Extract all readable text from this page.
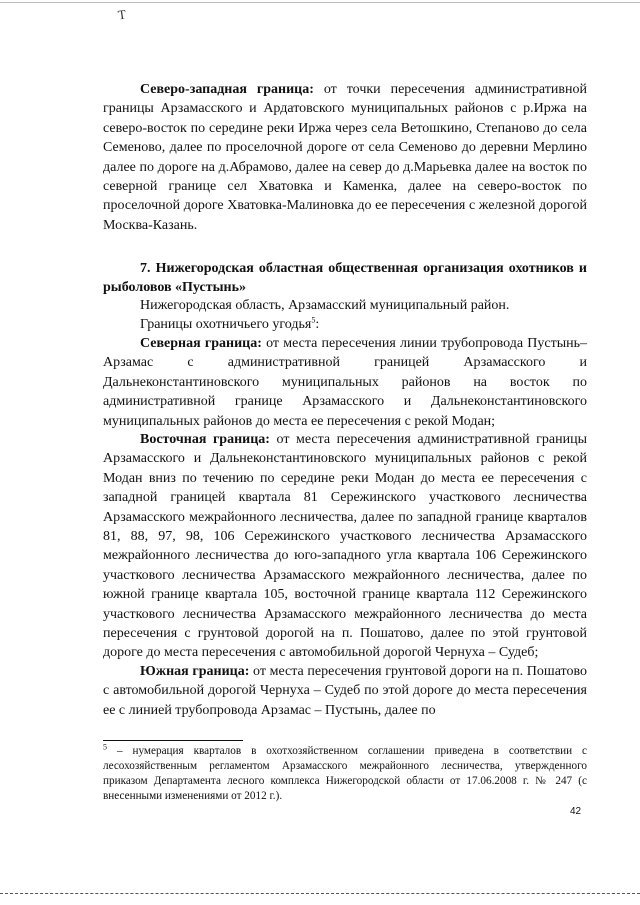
T

Северо-западная граница: от точки пересечения административной границы Арзамасского и Ардатовского муниципальных районов с р.Иржа на северо-восток по середине реки Иржа через села Ветошкино, Степаново до села Семеново, далее по проселочной дороге от села Семеново до деревни Мерлино далее по дороге на д.Абрамово, далее на север до д.Марьевка далее на восток по северной границе сел Хватовка и Каменка, далее на северо-восток по проселочной дороге Хватовка-Малиновка до ее пересечения с железной дорогой Москва-Казань.

7. Нижегородская областная общественная организация охотников и рыболовов «Пустынь»

Нижегородская область, Арзамасский муниципальный район.

Границы охотничьего угодья$^5$:

Северная граница: от места пересечения линии трубопровода Пустынь–Арзамас с административной границей Арзамасского и Дальнеконстантиновского муниципальных районов на восток по административной границе Арзамасского и Дальнеконстантиновского муниципальных районов до места ее пересечения с рекой Модан;

Восточная граница: от места пересечения административной границы Арзамасского и Дальнеконстантиновского муниципальных районов с рекой Модан вниз по течению по середине реки Модан до места ее пересечения с западной границей квартала 81 Сережинского участкового лесничества Арзамасского межрайонного лесничества, далее по западной границе кварталов 81, 88, 97, 98, 106 Сережинского участкового лесничества Арзамасского межрайонного лесничества до юго-западного угла квартала 106 Сережинского участкового лесничества Арзамасского межрайонного лесничества, далее по южной границе квартала 105, восточной границе квартала 112 Сережинского участкового лесничества Арзамасского межрайонного лесничества до места пересечения с грунтовой дорогой на п. Пошатово, далее по этой грунтовой дороге до места пересечения с автомобильной дорогой Чернуха – Судеб;

Южная граница: от места пересечения грунтовой дороги на п. Пошатово с автомобильной дорогой Чернуха – Судеб по этой дороге до места пересечения ее с линией трубопровода Арзамас – Пустынь, далее по

$^5$ – нумерация кварталов в охотхозяйственном соглашении приведена в соответствии с лесохозяйственным регламентом Арзамасского межрайонного лесничества, утвержденного приказом Департамента лесного комплекса Нижегородской области от 17.06.2008 г. № 247 (с внесенными изменениями от 2012 г.).

42
